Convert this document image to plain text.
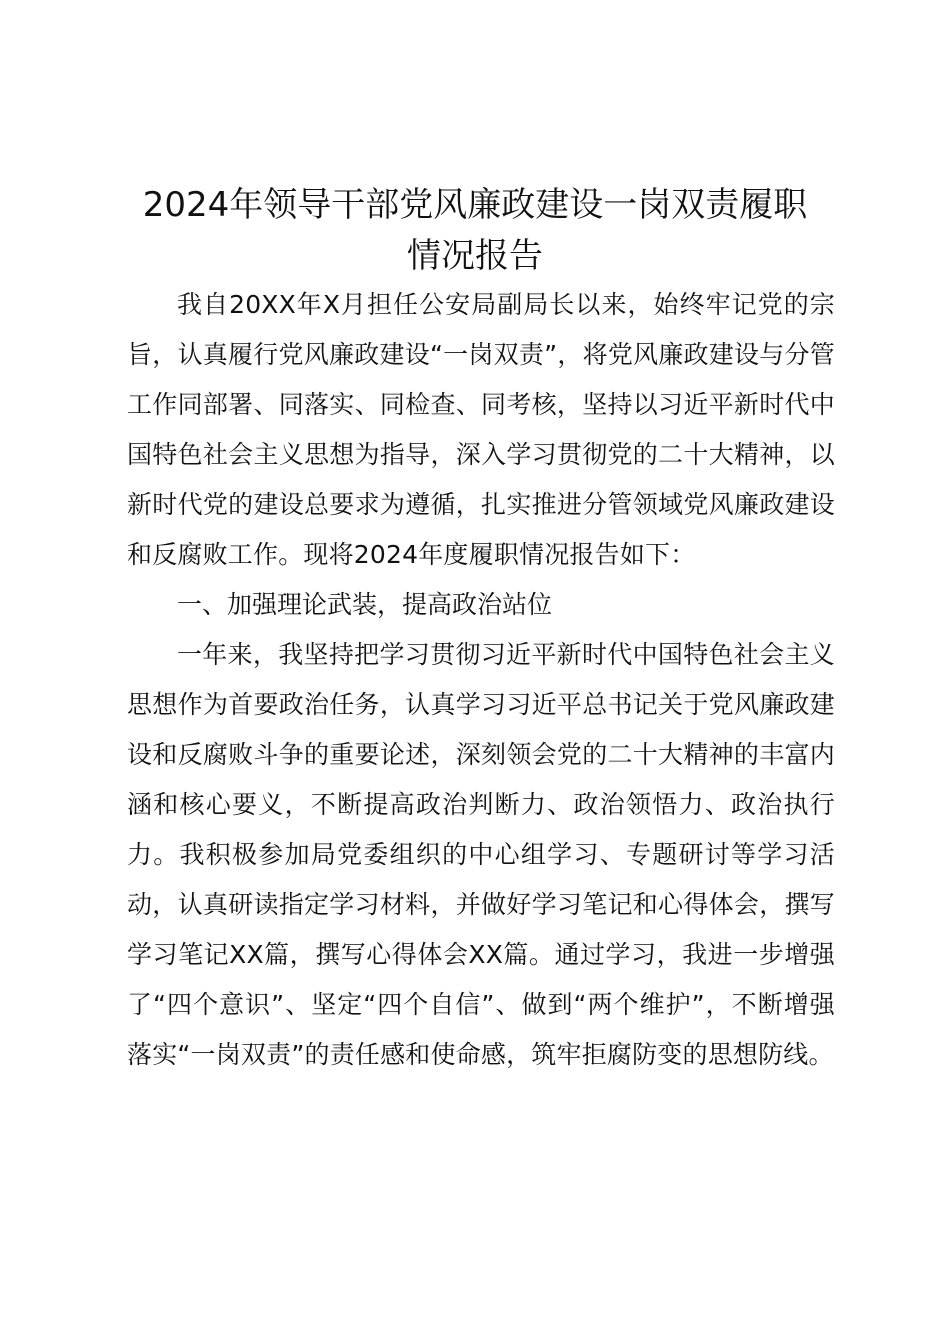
2024年领导干部党风廉政建设一岗双责履职
情况报告

我自20XX年X月担任公安局副局长以来，始终牢记党的宗旨，认真履行党风廉政建设“一岗双责”，将党风廉政建设与分管工作同部署、同落实、同检查、同考核，坚持以习近平新时代中国特色社会主义思想为指导，深入学习贯彻党的二十大精神，以新时代党的建设总要求为遵循，扎实推进分管领域党风廉政建设和反腐败工作。现将2024年度履职情况报告如下：

一、加强理论武装，提高政治站位

一年来，我坚持把学习贯彻习近平新时代中国特色社会主义思想作为首要政治任务，认真学习习近平总书记关于党风廉政建设和反腐败斗争的重要论述，深刻领会党的二十大精神的丰富内涵和核心要义，不断提高政治判断力、政治领悟力、政治执行力。我积极参加局党委组织的中心组学习、专题研讨等学习活动，认真研读指定学习材料，并做好学习笔记和心得体会，撰写学习笔记XX篇，撰写心得体会XX篇。通过学习，我进一步增强了“四个意识”、坚定“四个自信”、做到“两个维护”，不断增强落实“一岗双责”的责任感和使命感，筑牢拒腐防变的思想防线。
